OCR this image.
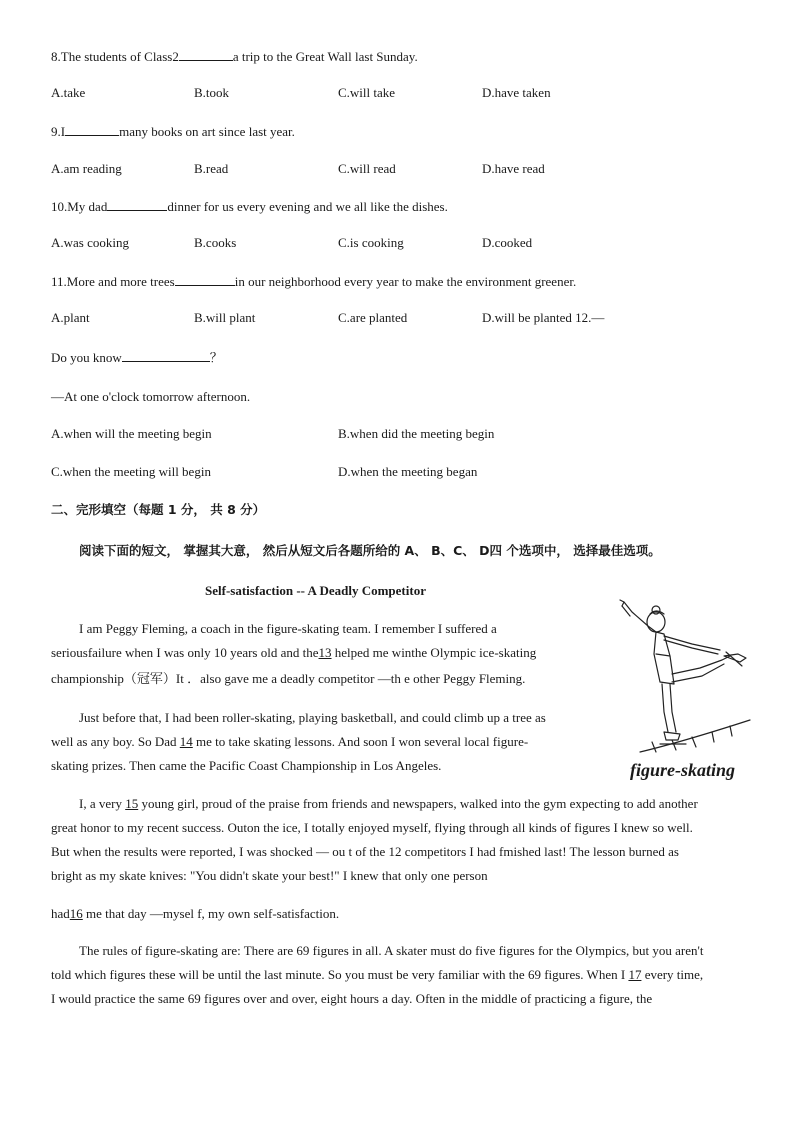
8.The students of Class2	a trip to the Great Wall last Sunday.
A.take	B.took	C.will take	D.have taken
9.I	many books on art since last year.
A.am reading	B.read	C.will read	D.have read
10.My dad	dinner for us every evening and we all like the dishes.
A.was cooking	B.cooks	C.is cooking	D.cooked
11.More and more trees	in our neighborhood every year to make the environment greener.
A.plant	B.will plant	C.are planted	D.will be planted 12.—
Do you know	？
—At one o'clock tomorrow afternoon.
A.when will the meeting begin	B.when did the meeting begin
C.when the meeting will begin	D.when the meeting began
二、完形填空（每题 1 分， 共 8 分）
阅读下面的短文， 掌握其大意， 然后从短文后各题所给的 A、 B、C、 D四 个选项中， 选择最佳选项。
Self-satisfaction -- A Deadly Competitor
figure-skating
I am Peggy Fleming, a coach in the figure-skating team. I remember I suffered a
seriousfailure when I was only 10 years old and the13 helped me winthe Olympic ice-skating
championship（冠军）It ．also gave me a deadly competitor —th e other Peggy Fleming.
Just before that, I had been roller-skating, playing basketball, and could climb up a tree as
well as any boy. So Dad 14 me to take skating lessons. And soon I won several local figure-
skating prizes. Then came the Pacific Coast Championship in Los Angeles.
I, a very 15 young girl, proud of the praise from friends and newspapers, walked into the gym expecting to add another
great honor to my recent success. Outon the ice, I totally enjoyed myself, flying through all kinds of figures I knew so well.
But when the results were reported, I was shocked — ou t of the 12 competitors I had fmished last! The lesson burned as
bright as my skate knives: "You didn't skate your best!" I knew that only one person
had16 me that day —mysel f, my own self-satisfaction.
The rules of figure-skating are: There are 69 figures in all. A skater must do five figures for the Olympics, but you aren't
told which figures these will be until the last minute. So you must be very familiar with the 69 figures. When I 17 every time,
I would practice the same 69 figures over and over, eight hours a day. Often in the middle of practicing a figure, the
